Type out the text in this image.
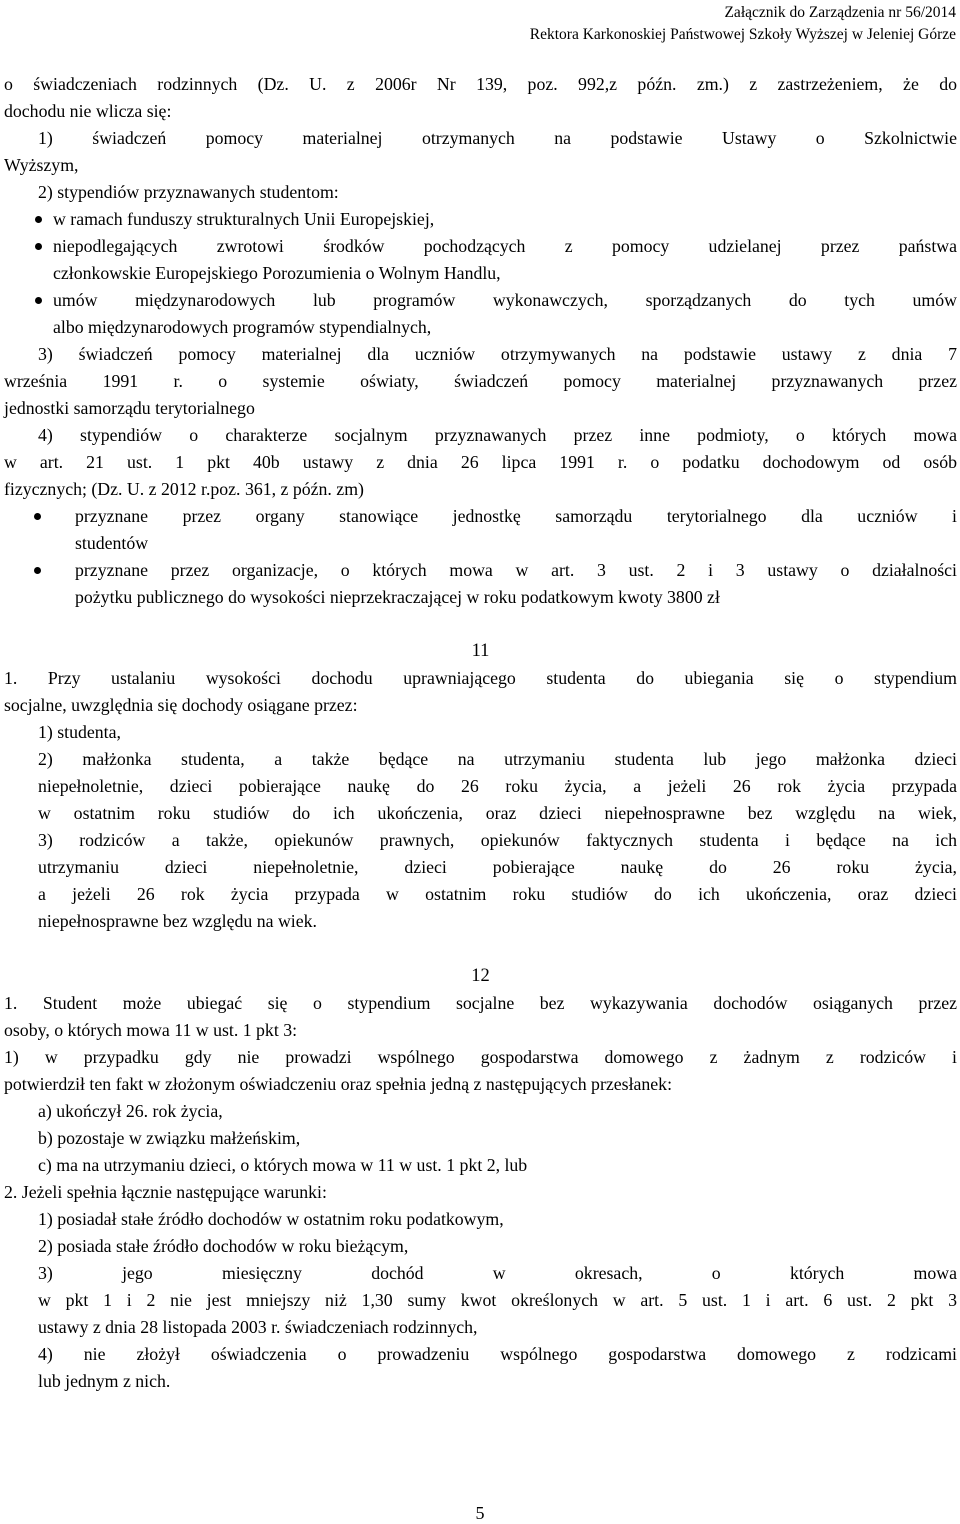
Załącznik do Zarządzenia nr 56/2014
Rektora Karkonoskiej Państwowej Szkoły Wyższej w Jeleniej Górze

o świadczeniach rodzinnych (Dz. U. z 2006r Nr 139, poz. 992,z późn. zm.) z zastrzeżeniem, że do

dochodu nie wlicza się:

1) świadczeń pomocy materialnej otrzymanych na podstawie Ustawy o Szkolnictwie

Wyższym,

2) stypendiów przyznawanych studentom:

w ramach funduszy strukturalnych Unii Europejskiej,

niepodlegających zwrotowi środków pochodzących z pomocy udzielanej przez państwa

członkowskie Europejskiego Porozumienia o Wolnym Handlu,

umów międzynarodowych lub programów wykonawczych, sporządzanych do tych umów

albo międzynarodowych programów stypendialnych,

3) świadczeń pomocy materialnej dla uczniów otrzymywanych na podstawie ustawy z dnia 7

września 1991 r. o systemie oświaty, świadczeń pomocy materialnej przyznawanych przez

jednostki samorządu terytorialnego

4) stypendiów o charakterze socjalnym przyznawanych przez inne podmioty, o których mowa

w art. 21 ust. 1 pkt 40b ustawy z dnia 26 lipca 1991 r. o podatku dochodowym od osób

fizycznych; (Dz. U. z 2012 r.poz. 361, z późn. zm)

przyznane przez organy stanowiące jednostkę samorządu terytorialnego dla uczniów i

studentów

przyznane przez organizacje, o których mowa w art. 3 ust. 2 i 3 ustawy o działalności

pożytku publicznego do wysokości nieprzekraczającej w roku podatkowym kwoty 3800 zł

11

1. Przy ustalaniu wysokości dochodu uprawniającego studenta do ubiegania się o stypendium

socjalne, uwzględnia się dochody osiągane przez:

1) studenta,

2) małżonka studenta, a także będące na utrzymaniu studenta lub jego małżonka dzieci

niepełnoletnie, dzieci pobierające naukę do 26 roku życia, a jeżeli 26 rok życia przypada

w ostatnim roku studiów do ich ukończenia, oraz dzieci niepełnosprawne bez względu na wiek,

3) rodziców a także, opiekunów prawnych, opiekunów faktycznych studenta i będące na ich

utrzymaniu dzieci niepełnoletnie, dzieci pobierające naukę do 26 roku życia,

a jeżeli 26 rok życia przypada w ostatnim roku studiów do ich ukończenia, oraz dzieci

niepełnosprawne bez względu na wiek.

12

1. Student może ubiegać się o stypendium socjalne bez wykazywania dochodów osiąganych przez

osoby, o których mowa 11 w ust. 1 pkt 3:

1) w przypadku gdy nie prowadzi wspólnego gospodarstwa domowego z żadnym z rodziców i

potwierdził ten fakt w złożonym oświadczeniu oraz spełnia jedną z następujących przesłanek:

a) ukończył 26. rok życia,

b) pozostaje w związku małżeńskim,

c) ma na utrzymaniu dzieci, o których mowa w 11 w ust. 1 pkt 2, lub

2. Jeżeli spełnia łącznie następujące warunki:

1) posiadał stałe źródło dochodów w ostatnim roku podatkowym,

2) posiada stałe źródło dochodów w roku bieżącym,

3) jego miesięczny dochód w okresach, o których mowa

w pkt 1 i 2 nie jest mniejszy niż 1,30 sumy kwot określonych w art. 5 ust. 1 i art. 6 ust. 2 pkt 3

ustawy z dnia 28 listopada 2003 r. świadczeniach rodzinnych,

4) nie złożył oświadczenia o prowadzeniu wspólnego gospodarstwa domowego z rodzicami

lub jednym z nich.

5
